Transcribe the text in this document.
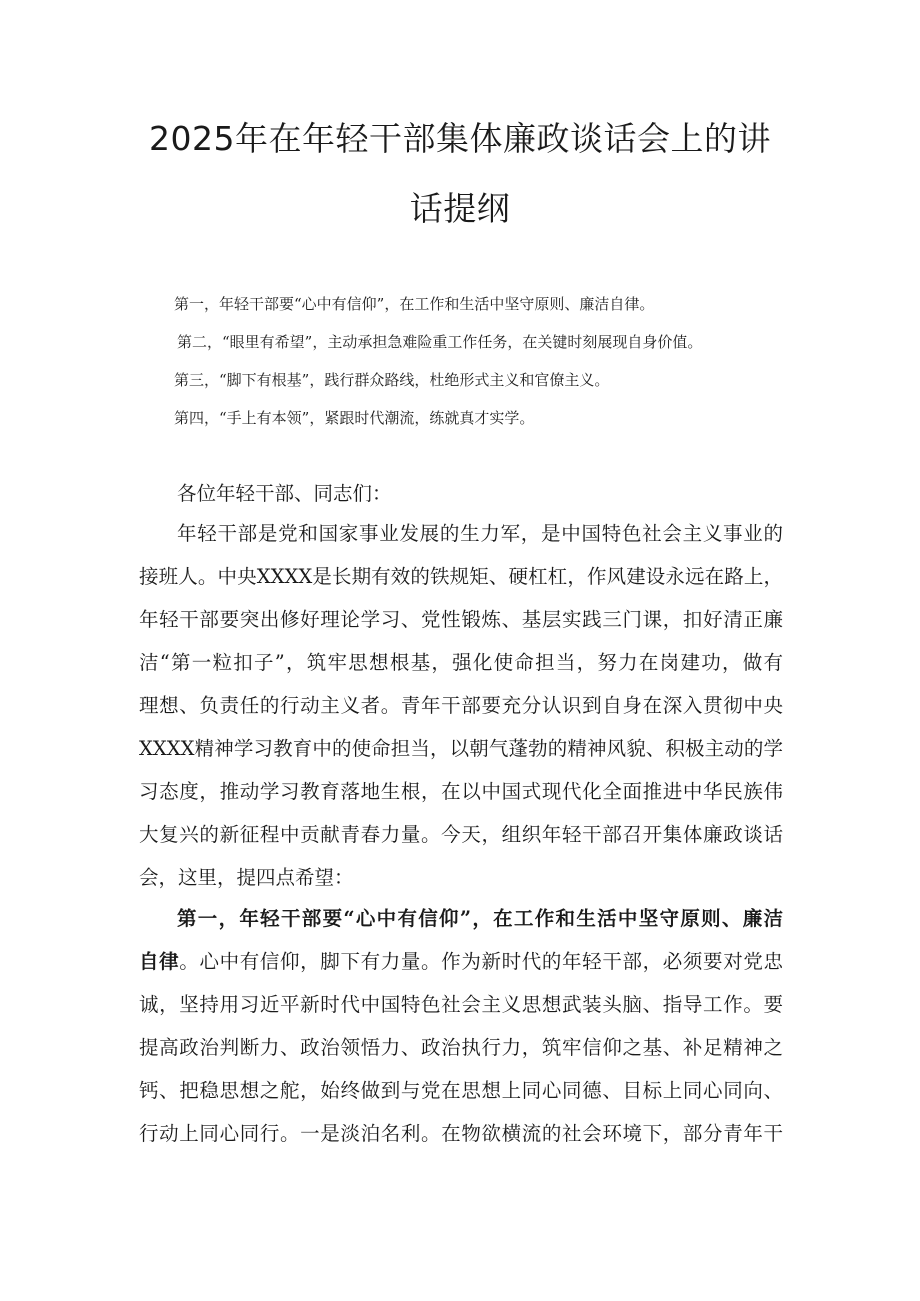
2025年在年轻干部集体廉政谈话会上的讲
话提纲
第一，年轻干部要“心中有信仰”，在工作和生活中坚守原则、廉洁自律。
第二，“眼里有希望”，主动承担急难险重工作任务，在关键时刻展现自身价值。
第三，“脚下有根基”，践行群众路线，杜绝形式主义和官僚主义。
第四，“手上有本领”，紧跟时代潮流，练就真才实学。
各位年轻干部、同志们：
年轻干部是党和国家事业发展的生力军，是中国特色社会主义事业的
接班人。中央XXXX是长期有效的铁规矩、硬杠杠，作风建设永远在路上，
年轻干部要突出修好理论学习、党性锻炼、基层实践三门课，扣好清正廉
洁“第一粒扣子”，筑牢思想根基，强化使命担当，努力在岗建功，做有
理想、负责任的行动主义者。青年干部要充分认识到自身在深入贯彻中央
XXXX精神学习教育中的使命担当，以朝气蓬勃的精神风貌、积极主动的学
习态度，推动学习教育落地生根，在以中国式现代化全面推进中华民族伟
大复兴的新征程中贡献青春力量。今天，组织年轻干部召开集体廉政谈话
会，这里，提四点希望：
第一，年轻干部要“心中有信仰”，在工作和生活中坚守原则、廉洁
自律。心中有信仰，脚下有力量。作为新时代的年轻干部，必须要对党忠
诚，坚持用习近平新时代中国特色社会主义思想武装头脑、指导工作。要
提高政治判断力、政治领悟力、政治执行力，筑牢信仰之基、补足精神之
钙、把稳思想之舵，始终做到与党在思想上同心同德、目标上同心同向、
行动上同心同行。一是淡泊名利。在物欲横流的社会环境下，部分青年干
